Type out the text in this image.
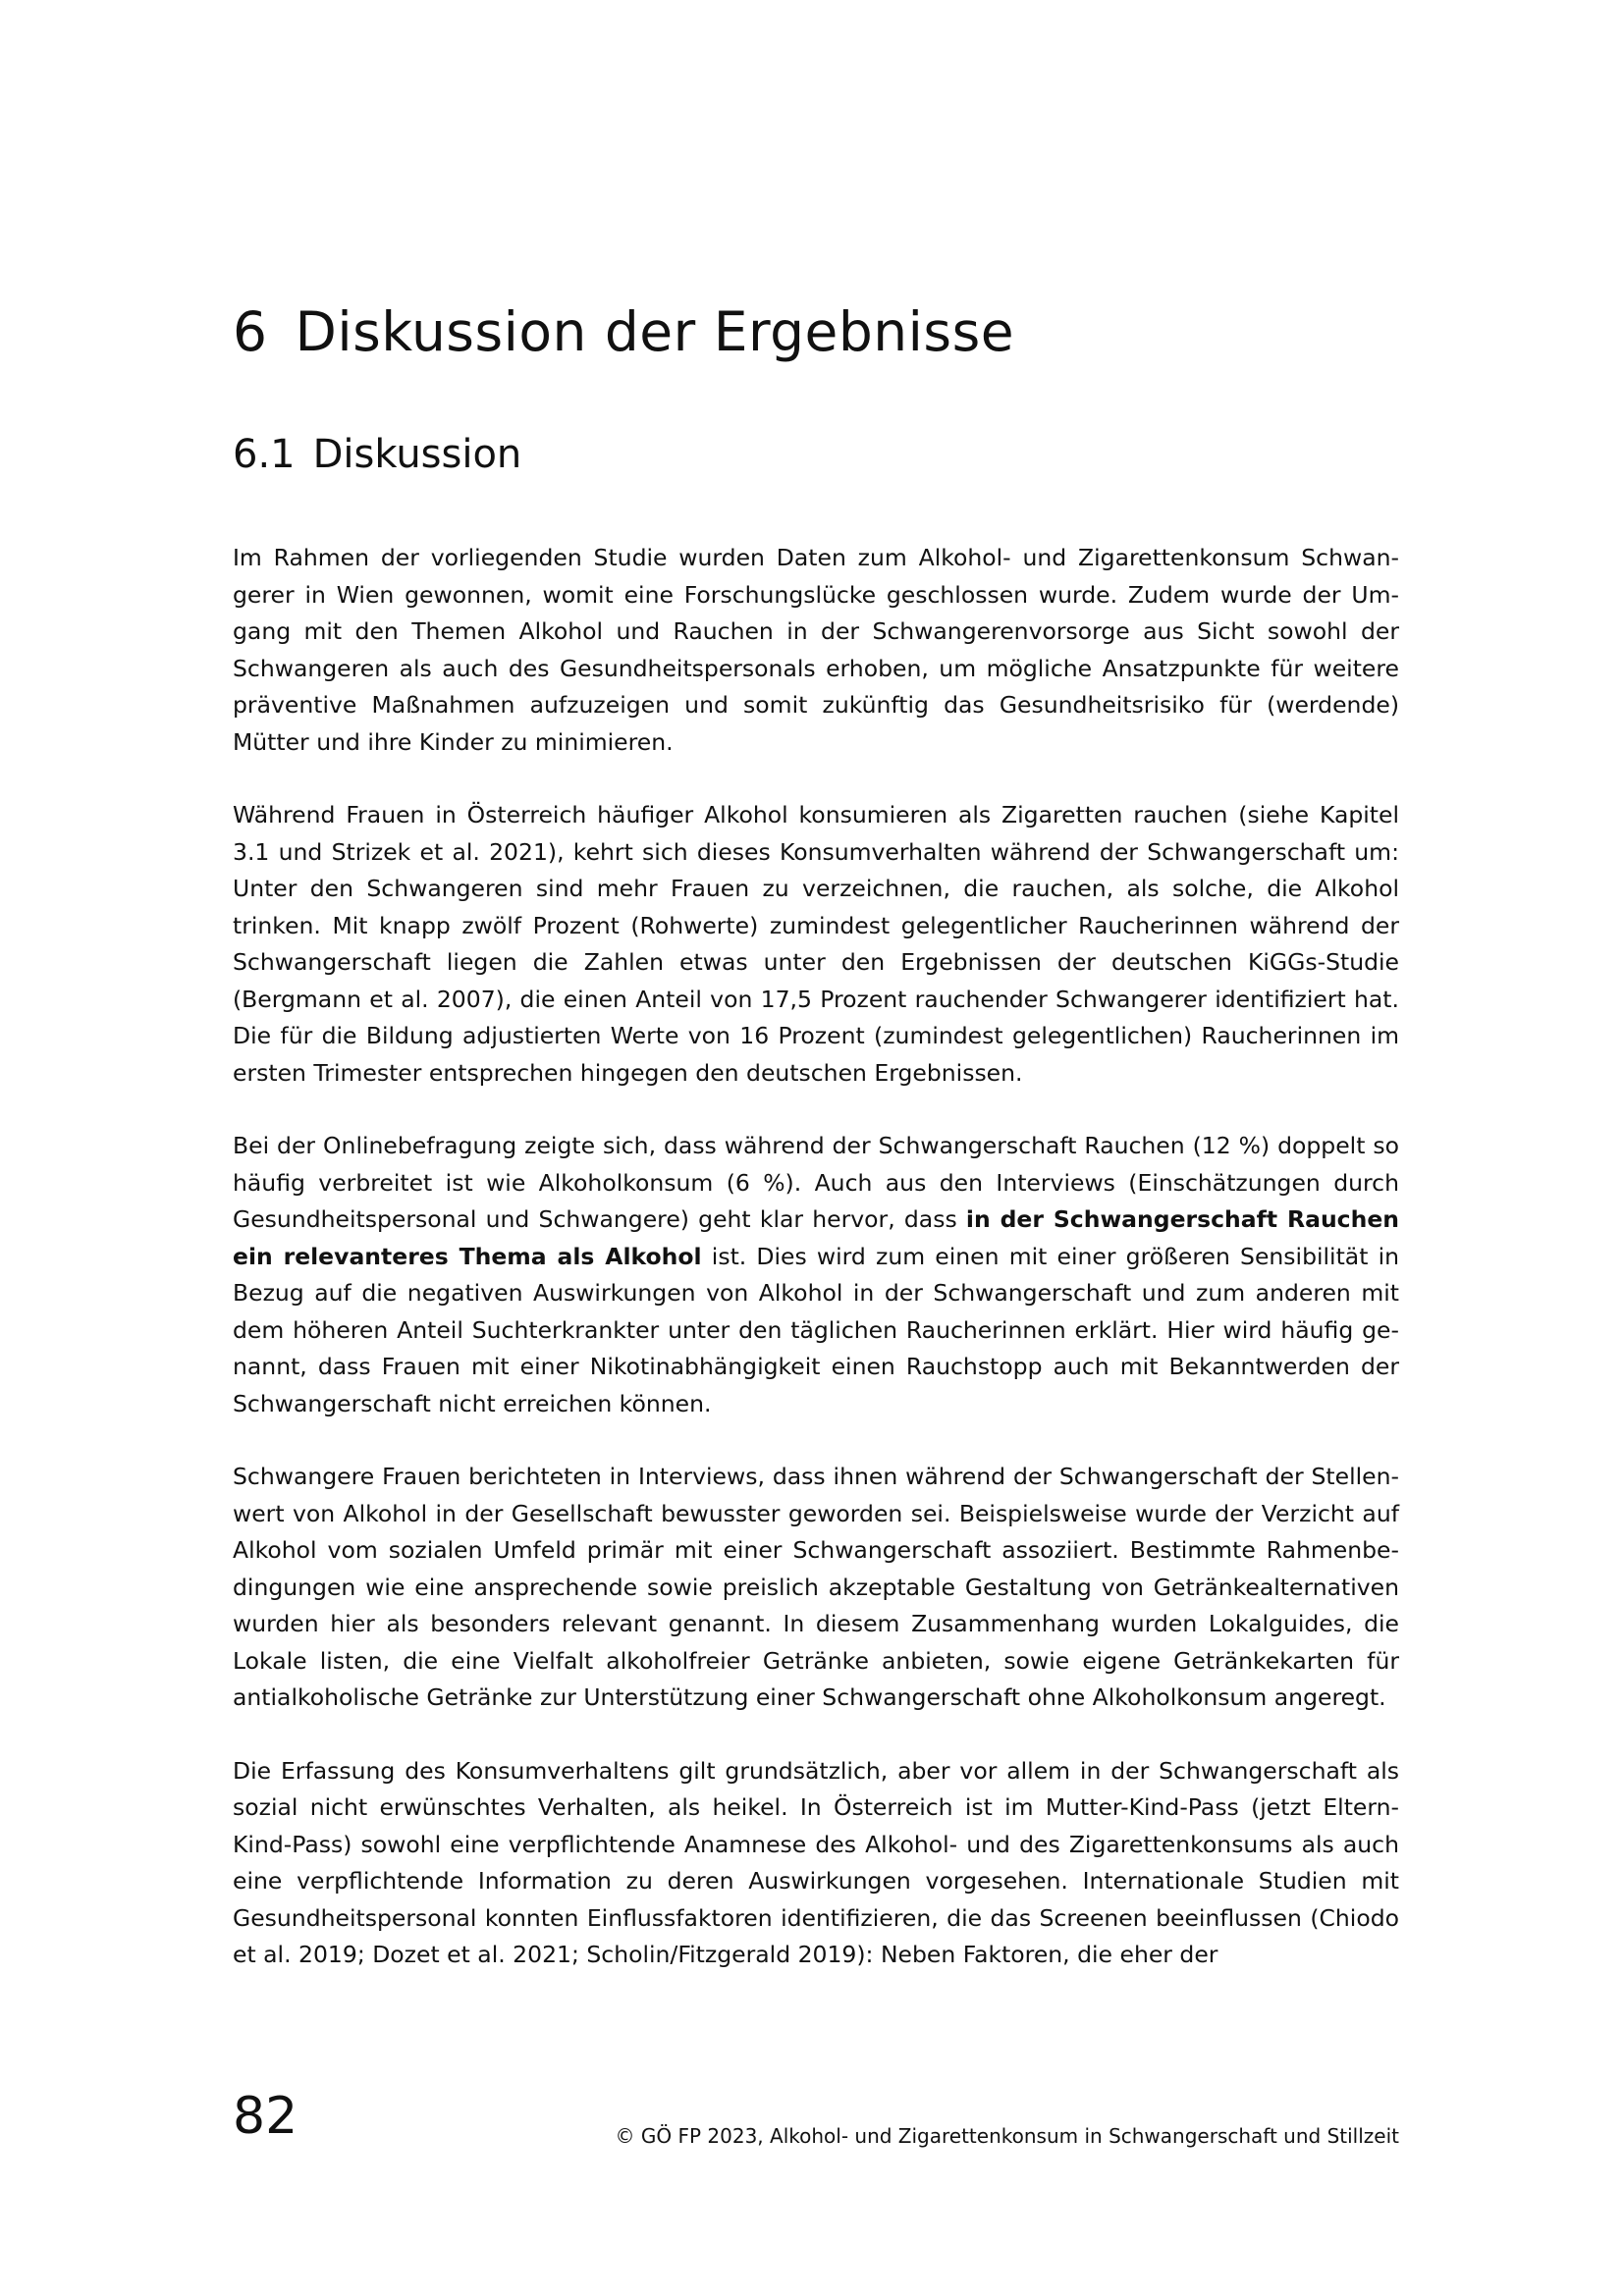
6 Diskussion der Ergebnisse
6.1 Diskussion

Im Rahmen der vorliegenden Studie wurden Daten zum Alkohol- und Zigarettenkonsum Schwangerer in Wien gewonnen, womit eine Forschungslücke geschlossen wurde. Zudem wurde der Umgang mit den Themen Alkohol und Rauchen in der Schwangerenvorsorge aus Sicht sowohl der Schwangeren als auch des Gesundheitspersonals erhoben, um mögliche Ansatzpunkte für weitere präventive Maßnahmen aufzuzeigen und somit zukünftig das Gesundheitsrisiko für (werdende) Mütter und ihre Kinder zu minimieren.

Während Frauen in Österreich häufiger Alkohol konsumieren als Zigaretten rauchen (siehe Kapitel 3.1 und Strizek et al. 2021), kehrt sich dieses Konsumverhalten während der Schwangerschaft um: Unter den Schwangeren sind mehr Frauen zu verzeichnen, die rauchen, als solche, die Alkohol trinken. Mit knapp zwölf Prozent (Rohwerte) zumindest gelegentlicher Raucherinnen während der Schwangerschaft liegen die Zahlen etwas unter den Ergebnissen der deutschen KiGGs-Studie (Bergmann et al. 2007), die einen Anteil von 17,5 Prozent rauchender Schwangerer identifiziert hat. Die für die Bildung adjustierten Werte von 16 Prozent (zumindest gelegentlichen) Raucherinnen im ersten Trimester entsprechen hingegen den deutschen Ergebnissen.

Bei der Onlinebefragung zeigte sich, dass während der Schwangerschaft Rauchen (12 %) doppelt so häufig verbreitet ist wie Alkoholkonsum (6 %). Auch aus den Interviews (Einschätzungen durch Gesundheitspersonal und Schwangere) geht klar hervor, dass in der Schwangerschaft Rauchen ein relevanteres Thema als Alkohol ist. Dies wird zum einen mit einer größeren Sensibilität in Bezug auf die negativen Auswirkungen von Alkohol in der Schwangerschaft und zum anderen mit dem höheren Anteil Suchterkrankter unter den täglichen Raucherinnen erklärt. Hier wird häufig genannt, dass Frauen mit einer Nikotinabhängigkeit einen Rauchstopp auch mit Bekanntwerden der Schwangerschaft nicht erreichen können.

Schwangere Frauen berichteten in Interviews, dass ihnen während der Schwangerschaft der Stellenwert von Alkohol in der Gesellschaft bewusster geworden sei. Beispielsweise wurde der Verzicht auf Alkohol vom sozialen Umfeld primär mit einer Schwangerschaft assoziiert. Bestimmte Rahmenbedingungen wie eine ansprechende sowie preislich akzeptable Gestaltung von Getränkealternativen wurden hier als besonders relevant genannt. In diesem Zusammenhang wurden Lokalguides, die Lokale listen, die eine Vielfalt alkoholfreier Getränke anbieten, sowie eigene Getränkekarten für antialkoholische Getränke zur Unterstützung einer Schwangerschaft ohne Alkoholkonsum angeregt.

Die Erfassung des Konsumverhaltens gilt grundsätzlich, aber vor allem in der Schwangerschaft als sozial nicht erwünschtes Verhalten, als heikel. In Österreich ist im Mutter-Kind-Pass (jetzt Eltern-Kind-Pass) sowohl eine verpflichtende Anamnese des Alkohol- und des Zigarettenkonsums als auch eine verpflichtende Information zu deren Auswirkungen vorgesehen. Internationale Studien mit Gesundheitspersonal konnten Einflussfaktoren identifizieren, die das Screenen beeinflussen (Chiodo et al. 2019; Dozet et al. 2021; Scholin/Fitzgerald 2019): Neben Faktoren, die eher der

82	© GÖ FP 2023, Alkohol- und Zigarettenkonsum in Schwangerschaft und Stillzeit
